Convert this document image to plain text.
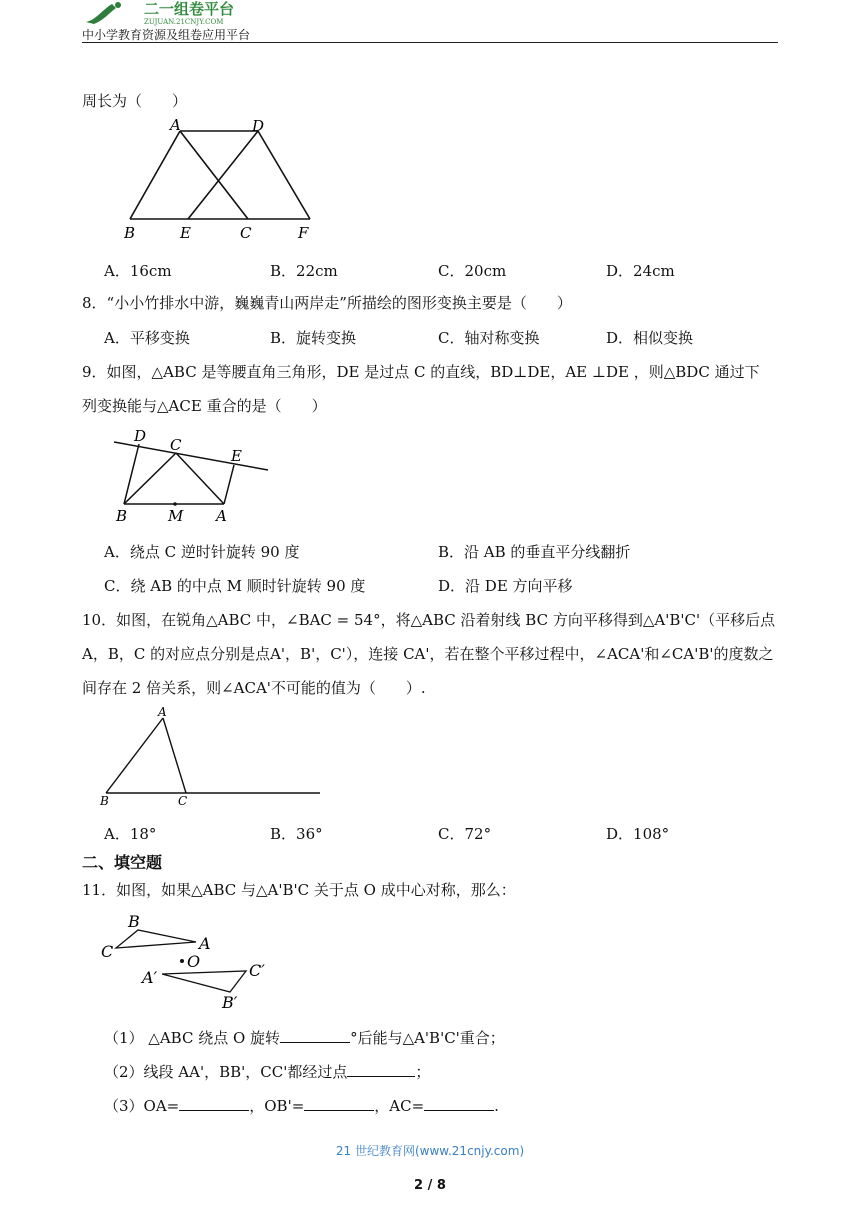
二一组卷平台
ZUJUAN.21CNJY.COM
中小学教育资源及组卷应用平台
周长为（　　）
A	D
B	E	C	F
A．16cm	B．22cm	C．20cm	D．24cm
8．“小小竹排水中游，巍巍青山两岸走”所描绘的图形变换主要是（　　）
A．平移变换	B．旋转变换	C．轴对称变换	D．相似变换
9．如图，△ABC 是等腰直角三角形，DE 是过点 C 的直线，BD⊥DE，AE ⊥DE ，则△BDC 通过下
列变换能与△ACE 重合的是（　　）
D C
E
B	M A
A．绕点 C 逆时针旋转 90 度	B．沿 AB 的垂直平分线翻折
C．绕 AB 的中点 M 顺时针旋转 90 度	D．沿 DE 方向平移
10．如图，在锐角△ABC 中，∠BAC = 54°，将△ABC 沿着射线 BC 方向平移得到△A'B'C'（平移后点
A，B，C 的对应点分别是点A'，B'，C'），连接 CA'，若在整个平移过程中，∠ACA'和∠CA'B'的度数之
间存在 2 倍关系，则∠ACA'不可能的值为（　　）.
A
B	C
A．18°	B．36°	C．72°	D．108°
二、填空题
11．如图，如果△ABC 与△A'B'C 关于点 O 成中心对称，那么：
B
C	A
O
A′	C′
B′
（1） △ABC 绕点 O 旋转	°后能与△A'B'C'重合；
（2）线段 AA'，BB'，CC'都经过点	；
（3）OA=	，OB'=	，AC=	.
21 世纪教育网(www.21cnjy.com)
2 / 8
